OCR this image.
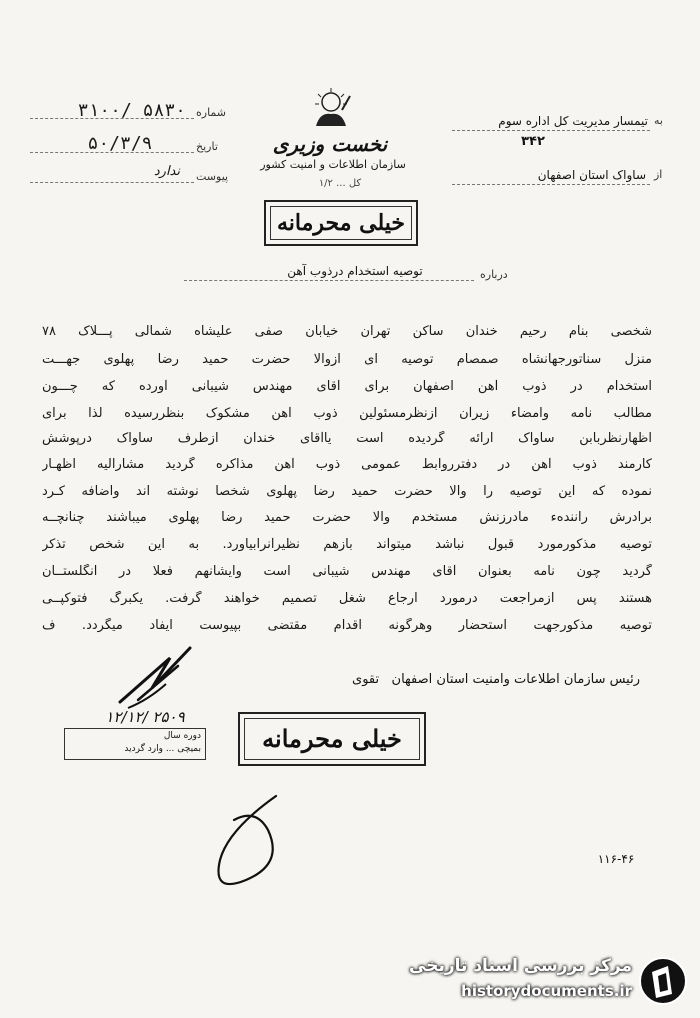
نخست وزیری
سازمان اطلاعات و امنیت کشور
کل ... ۱/۲
شماره
۳۱۰۰/ ۵۸۳۰
تاریخ
۵۰/۳/۹
پیوست
ندارد
به
تیمسار مدیریت کل اداره سوم
۳۴۲
از
ساواک استان اصفهان
خیلی محرمانه
درباره
توصیه استخدام درذوب آهن
شخصی بنام رحیم خندان ساکن تهران خیابان صفی علیشاه شمالی پـــلاک ۷۸
منزل سناتورجهانشاه صمصام توصیه ای ازوالا حضرت حمید رضا پهلوی جهـــت
استخدام در ذوب آهن اصفهان برای آقای مهندس شیبانی آورده که چـــون
مطالب نامه وامضاء زیرآن ازنظرمسئولین ذوب آهن مشکوک بنظررسیده لذا برای
اظهارنظربابن ساواک ارائه گردیده است یاآقای خندان ازطرف ساواک درپوشش
کارمند ذوب آهن در دفترروابط عمومی ذوب آهن مذاکره گردید مشارالیه اظهـار
نموده که این توصیه را والا حضرت حمید رضا پهلوی شخصا نوشته اند واضافه کـرد
برادرش رانندهء مادرزنش مستخدم والا حضرت حمید رضا پهلوی میباشند چنانچــه
توصیه مذکورمورد قبول نباشد میتواند بازهم نظیرآنرابیاورد. به این شخص تذکر
گردید چون نامه بعنوان آقای مهندس شیبانی است وایشانهم فعلا در انگلستــان
هستند پس ازمراجعت درمورد ارجاع شغل تصمیم خواهند گرفت. یکبرگ فتوکپــی
توصیه مذکورجهت استحضار وهرگونه اقدام مقتضی بپیوست ایفاد میگردد. ف
رئیس سازمان اطلاعات وامنیت استان اصفهان   تقوی
خیلی محرمانه
دوره سال
بمیچی ... وارد گردید
۱۲/۱۲/ ۲۵۰۹
۱۱۶-۴۶
مرکز بررسی اسناد تاریخی
historydocuments.ir
